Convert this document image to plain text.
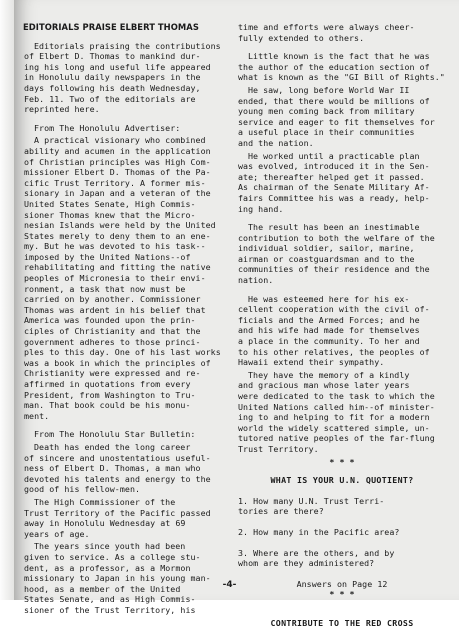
EDITORIALS PRAISE ELBERT THOMAS

Editorials praising the contributions
of Elbert D. Thomas to mankind dur-
ing his long and useful life appeared
in Honolulu daily newspapers in the
days following his death Wednesday,
Feb. 11. Two of the editorials are
reprinted here.

From The Honolulu Advertiser:

A practical visionary who combined
ability and acumen in the application
of Christian principles was High Com-
missioner Elbert D. Thomas of the Pa-
cific Trust Territory. A former mis-
sionary in Japan and a veteran of the
United States Senate, High Commis-
sioner Thomas knew that the Micro-
nesian Islands were held by the United
States merely to deny them to an ene-
my. But he was devoted to his task--
imposed by the United Nations--of
rehabilitating and fitting the native
peoples of Micronesia to their envi-
ronment, a task that now must be
carried on by another. Commissioner
Thomas was ardent in his belief that
America was founded upon the prin-
ciples of Christianity and that the
government adheres to those princi-
ples to this day. One of his last works
was a book in which the principles of
Christianity were expressed and re-
affirmed in quotations from every
President, from Washington to Tru-
man. That book could be his monu-
ment.

From The Honolulu Star Bulletin:

Death has ended the long career
of sincere and unostentatious useful-
ness of Elbert D. Thomas, a man who
devoted his talents and energy to the
good of his fellow-men.

The High Commissioner of the
Trust Territory of the Pacific passed
away in Honolulu Wednesday at 69
years of age.

The years since youth had been
given to service. As a college stu-
dent, as a professor, as a Mormon
missionary to Japan in his young man-
hood, as a member of the United
States Senate, and as High Commis-
sioner of the Trust Territory, his

time and efforts were always cheer-
fully extended to others.

Little known is the fact that he was
the author of the education section of
what is known as the "GI Bill of Rights."

He saw, long before World War II
ended, that there would be millions of
young men coming back from military
service and eager to fit themselves for
a useful place in their communities
and the nation.

He worked until a practicable plan
was evolved, introduced it in the Sen-
ate; thereafter helped get it passed.
As chairman of the Senate Military Af-
fairs Committee his was a ready, help-
ing hand.

The result has been an inestimable
contribution to both the welfare of the
individual soldier, sailor, marine,
airman or coastguardsman and to the
communities of their residence and the
nation.

He was esteemed here for his ex-
cellent cooperation with the civil of-
ficials and the Armed Forces; and he
and his wife had made for themselves
a place in the community. To her and
to his other relatives, the peoples of
Hawaii extend their sympathy.

They have the memory of a kindly
and gracious man whose later years
were dedicated to the task to which the
United Nations called him--of minister-
ing to and helping to fit for a modern
world the widely scattered simple, un-
tutored native peoples of the far-flung
Trust Territory.

* * *
WHAT IS YOUR U.N. QUOTIENT?
1. How many U.N. Trust Terri-
tories are there?
2. How many in the Pacific area?
3. Where are the others, and by
whom are they administered?
Answers on Page 12
* * *
CONTRIBUTE TO THE RED CROSS
-4-
